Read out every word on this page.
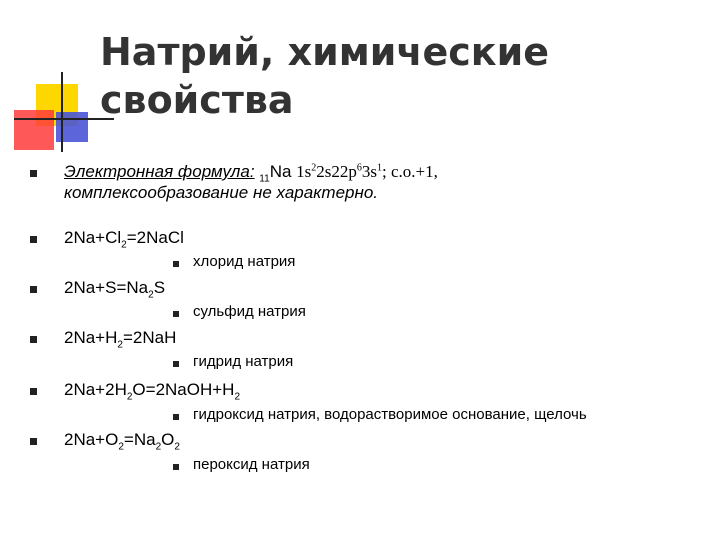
Натрий, химические
свойства
Электронная формула: $_{11}$Na $1s^22s22p^63s^1$; с.о.+1,
комплексообразование не характерно.
$2Na+Cl_2=2NaCl$
хлорид натрия
$2Na+S=Na_2S$
сульфид натрия
$2Na+H_2=2NaH$
гидрид натрия
$2Na+2H_2O=2NaOH+H_2$
гидроксид натрия, водорастворимое основание, щелочь
$2Na+O_2=Na_2O_2$
пероксид натрия
